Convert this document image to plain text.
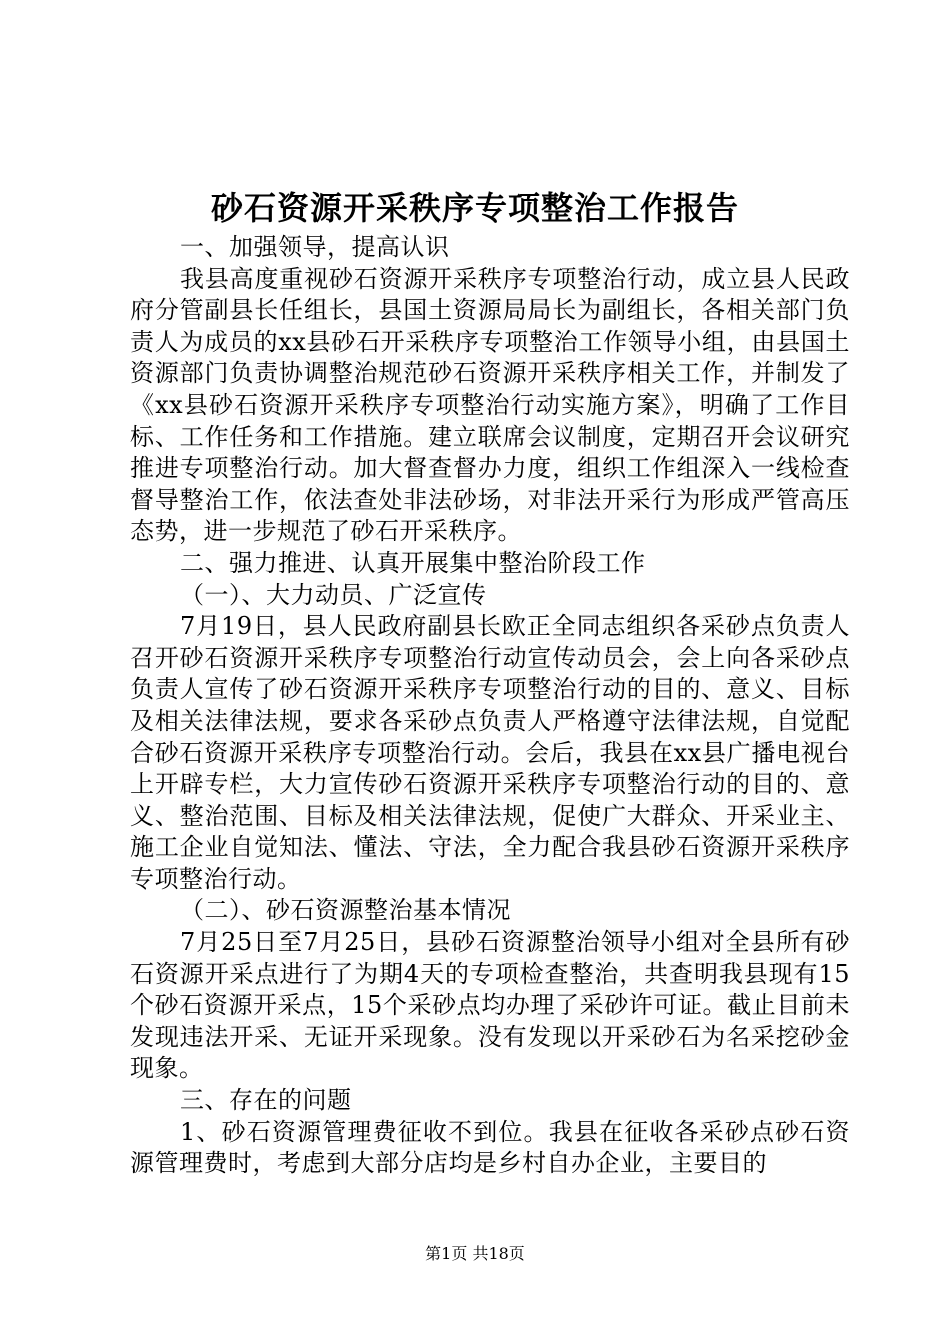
砂石资源开采秩序专项整治工作报告

一、加强领导，提高认识

我县高度重视砂石资源开采秩序专项整治行动，成立县人民政府分管副县长任组长，县国土资源局局长为副组长，各相关部门负责人为成员的xx县砂石开采秩序专项整治工作领导小组，由县国土资源部门负责协调整治规范砂石资源开采秩序相关工作，并制发了《xx县砂石资源开采秩序专项整治行动实施方案》，明确了工作目标、工作任务和工作措施。建立联席会议制度，定期召开会议研究推进专项整治行动。加大督查督办力度，组织工作组深入一线检查督导整治工作，依法查处非法砂场，对非法开采行为形成严管高压态势，进一步规范了砂石开采秩序。

二、强力推进、认真开展集中整治阶段工作

（一）、大力动员、广泛宣传

7月19日，县人民政府副县长欧正全同志组织各采砂点负责人召开砂石资源开采秩序专项整治行动宣传动员会，会上向各采砂点负责人宣传了砂石资源开采秩序专项整治行动的目的、意义、目标及相关法律法规，要求各采砂点负责人严格遵守法律法规，自觉配合砂石资源开采秩序专项整治行动。会后，我县在xx县广播电视台上开辟专栏，大力宣传砂石资源开采秩序专项整治行动的目的、意义、整治范围、目标及相关法律法规，促使广大群众、开采业主、施工企业自觉知法、懂法、守法，全力配合我县砂石资源开采秩序专项整治行动。

（二）、砂石资源整治基本情况

7月25日至7月25日，县砂石资源整治领导小组对全县所有砂石资源开采点进行了为期4天的专项检查整治，共查明我县现有15个砂石资源开采点，15个采砂点均办理了采砂许可证。截止目前未发现违法开采、无证开采现象。没有发现以开采砂石为名采挖砂金现象。

三、存在的问题

1、砂石资源管理费征收不到位。我县在征收各采砂点砂石资源管理费时，考虑到大部分店均是乡村自办企业，主要目的

第1页 共18页
